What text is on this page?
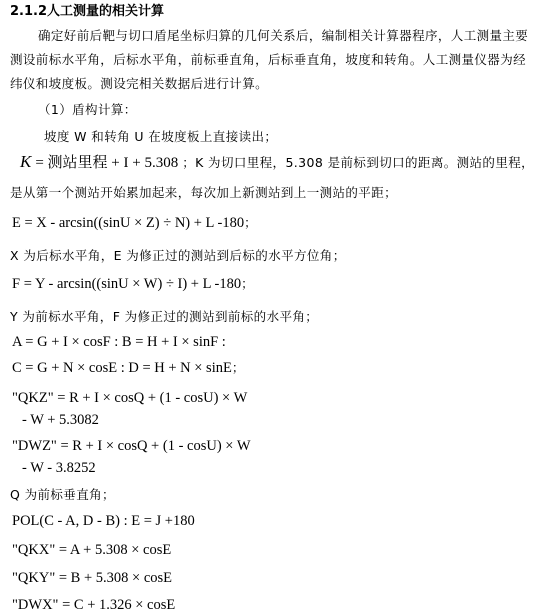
2.1.2人工测量的相关计算
确定好前后靶与切口盾尾坐标归算的几何关系后，编制相关计算器程序，人工测量主要
测设前标水平角，后标水平角，前标垂直角，后标垂直角，坡度和转角。人工测量仪器为经
纬仪和坡度板。测设完相关数据后进行计算。
（1）盾构计算：
坡度 W 和转角 U 在坡度板上直接读出；
K = 测站里程 + I + 5.308 ；K 为切口里程，5.308 是前标到切口的距离。测站的里程，
是从第一个测站开始累加起来，每次加上新测站到上一测站的平距；
E = X - arcsin((sinU × Z) ÷ N) + L -180；
X 为后标水平角，E 为修正过的测站到后标的水平方位角；
F = Y - arcsin((sinU × W) ÷ I) + L -180；
Y 为前标水平角，F 为修正过的测站到前标的水平角；
A = G + I × cosF : B = H + I × sinF :
C = G + N × cosE : D = H + N × sinE；
"QKZ" = R + I × cosQ + (1 - cosU) × W
- W + 5.3082
"DWZ" = R + I × cosQ + (1 - cosU) × W
- W - 3.8252
Q 为前标垂直角；
POL(C - A, D - B) : E = J +180
"QKX" = A + 5.308 × cosE
"QKY" = B + 5.308 × cosE
"DWX" = C + 1.326 × cosE
